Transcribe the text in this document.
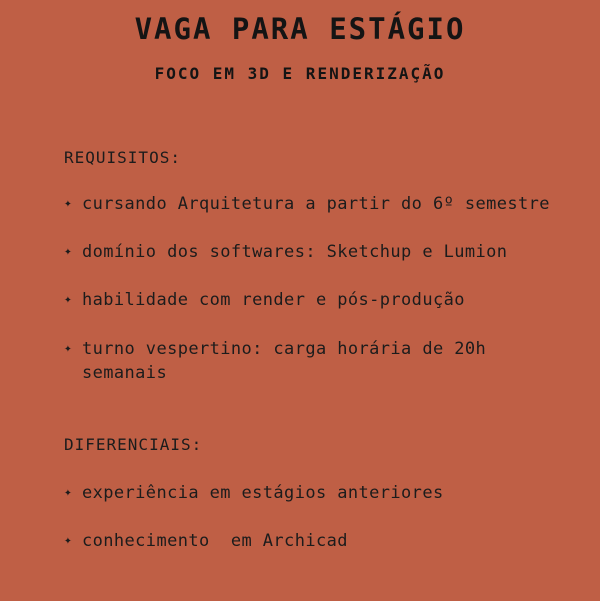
VAGA PARA ESTÁGIO
FOCO EM 3D E RENDERIZAÇÃO
REQUISITOS:
✦ cursando Arquitetura a partir do 6º semestre
✦ domínio dos softwares: Sketchup e Lumion
✦ habilidade com render e pós-produção
✦ turno vespertino: carga horária de 20h semanais
DIFERENCIAIS:
✦ experiência em estágios anteriores
✦ conhecimento  em Archicad
